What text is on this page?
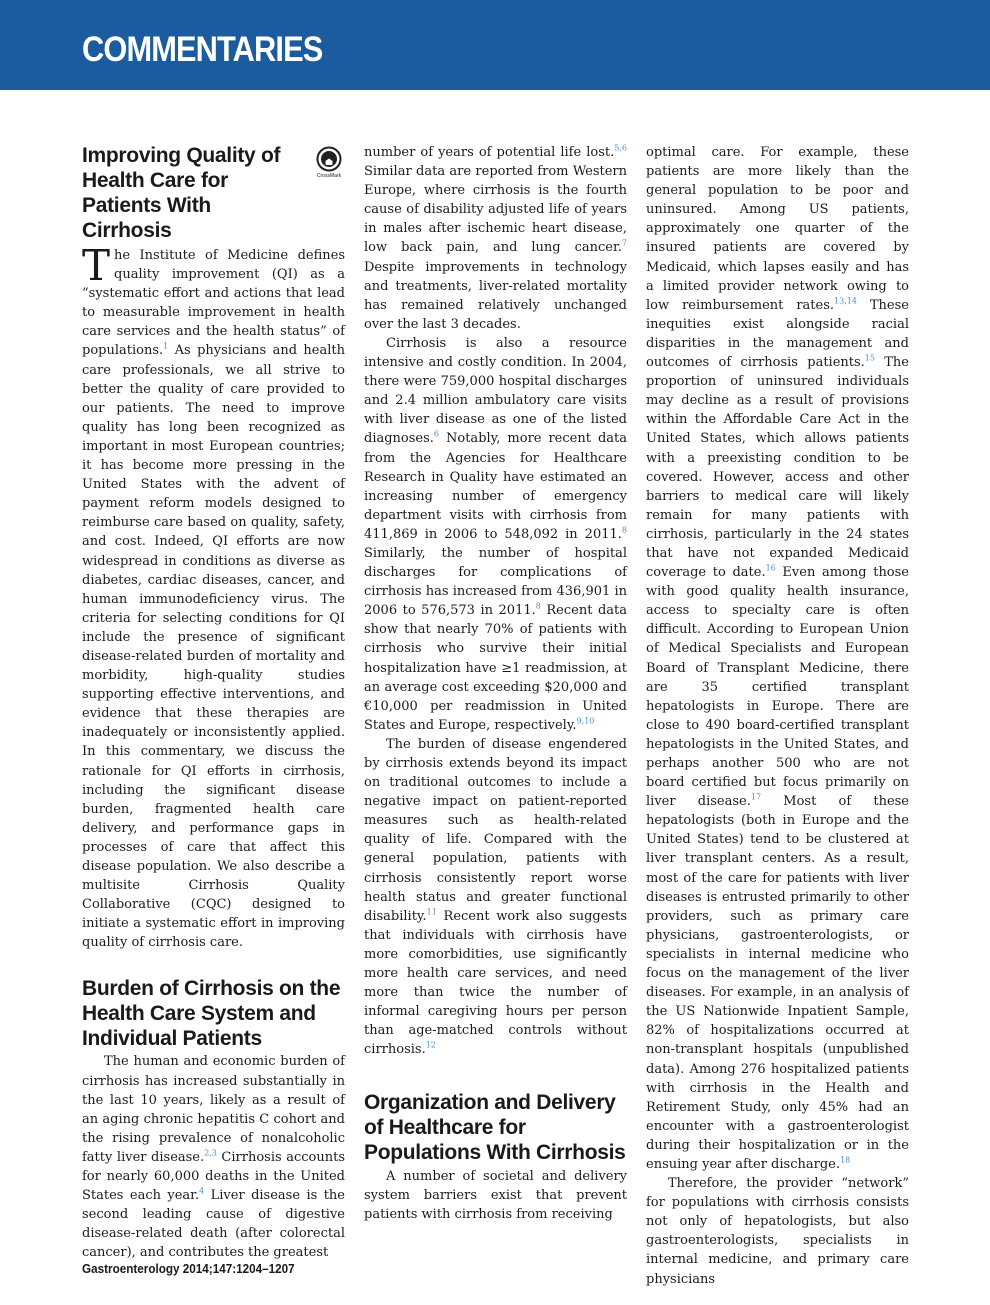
COMMENTARIES
CrossMark
Improving Quality of Health Care for Patients With Cirrhosis

The Institute of Medicine defines quality improvement (QI) as a “systematic effort and actions that lead to measurable improvement in health care services and the health status” of populations.$^1$ As physicians and health care professionals, we all strive to better the quality of care provided to our patients. The need to improve quality has long been recognized as important in most European countries; it has become more pressing in the United States with the advent of payment reform models designed to reimburse care based on quality, safety, and cost. Indeed, QI efforts are now widespread in conditions as diverse as diabetes, cardiac diseases, cancer, and human immunodeficiency virus. The criteria for selecting conditions for QI include the presence of significant disease-related burden of mortality and morbidity, high-quality studies supporting effective interventions, and evidence that these therapies are inadequately or inconsistently applied. In this commentary, we discuss the rationale for QI efforts in cirrhosis, including the significant disease burden, fragmented health care delivery, and performance gaps in processes of care that affect this disease population. We also describe a multisite Cirrhosis Quality Collaborative (CQC) designed to initiate a systematic effort in improving quality of cirrhosis care.

Burden of Cirrhosis on the Health Care System and Individual Patients

The human and economic burden of cirrhosis has increased substantially in the last 10 years, likely as a result of an aging chronic hepatitis C cohort and the rising prevalence of nonalcoholic fatty liver disease.$^{2,3}$ Cirrhosis accounts for nearly 60,000 deaths in the United States each year.$^4$ Liver disease is the second leading cause of digestive disease-related death (after colorectal cancer), and contributes the greatest

number of years of potential life lost.$^{5,6}$ Similar data are reported from Western Europe, where cirrhosis is the fourth cause of disability adjusted life of years in males after ischemic heart disease, low back pain, and lung cancer.$^7$ Despite improvements in technology and treatments, liver-related mortality has remained relatively unchanged over the last 3 decades.

Cirrhosis is also a resource intensive and costly condition. In 2004, there were 759,000 hospital discharges and 2.4 million ambulatory care visits with liver disease as one of the listed diagnoses.$^6$ Notably, more recent data from the Agencies for Healthcare Research in Quality have estimated an increasing number of emergency department visits with cirrhosis from 411,869 in 2006 to 548,092 in 2011.$^8$ Similarly, the number of hospital discharges for complications of cirrhosis has increased from 436,901 in 2006 to 576,573 in 2011.$^8$ Recent data show that nearly 70% of patients with cirrhosis who survive their initial hospitalization have ≥1 readmission, at an average cost exceeding $20,000 and €10,000 per readmission in United States and Europe, respectively.$^{9,10}$

The burden of disease engendered by cirrhosis extends beyond its impact on traditional outcomes to include a negative impact on patient-reported measures such as health-related quality of life. Compared with the general population, patients with cirrhosis consistently report worse health status and greater functional disability.$^{11}$ Recent work also suggests that individuals with cirrhosis have more comorbidities, use significantly more health care services, and need more than twice the number of informal caregiving hours per person than age-matched controls without cirrhosis.$^{12}$

Organization and Delivery of Healthcare for Populations With Cirrhosis

A number of societal and delivery system barriers exist that prevent patients with cirrhosis from receiving

optimal care. For example, these patients are more likely than the general population to be poor and uninsured. Among US patients, approximately one quarter of the insured patients are covered by Medicaid, which lapses easily and has a limited provider network owing to low reimbursement rates.$^{13,14}$ These inequities exist alongside racial disparities in the management and outcomes of cirrhosis patients.$^{15}$ The proportion of uninsured individuals may decline as a result of provisions within the Affordable Care Act in the United States, which allows patients with a preexisting condition to be covered. However, access and other barriers to medical care will likely remain for many patients with cirrhosis, particularly in the 24 states that have not expanded Medicaid coverage to date.$^{16}$ Even among those with good quality health insurance, access to specialty care is often difficult. According to European Union of Medical Specialists and European Board of Transplant Medicine, there are 35 certified transplant hepatologists in Europe. There are close to 490 board-certified transplant hepatologists in the United States, and perhaps another 500 who are not board certified but focus primarily on liver disease.$^{17}$ Most of these hepatologists (both in Europe and the United States) tend to be clustered at liver transplant centers. As a result, most of the care for patients with liver diseases is entrusted primarily to other providers, such as primary care physicians, gastroenterologists, or specialists in internal medicine who focus on the management of the liver diseases. For example, in an analysis of the US Nationwide Inpatient Sample, 82% of hospitalizations occurred at non-transplant hospitals (unpublished data). Among 276 hospitalized patients with cirrhosis in the Health and Retirement Study, only 45% had an encounter with a gastroenterologist during their hospitalization or in the ensuing year after discharge.$^{18}$

Therefore, the provider “network” for populations with cirrhosis consists not only of hepatologists, but also gastroenterologists, specialists in internal medicine, and primary care physicians

Gastroenterology 2014;147:1204–1207
